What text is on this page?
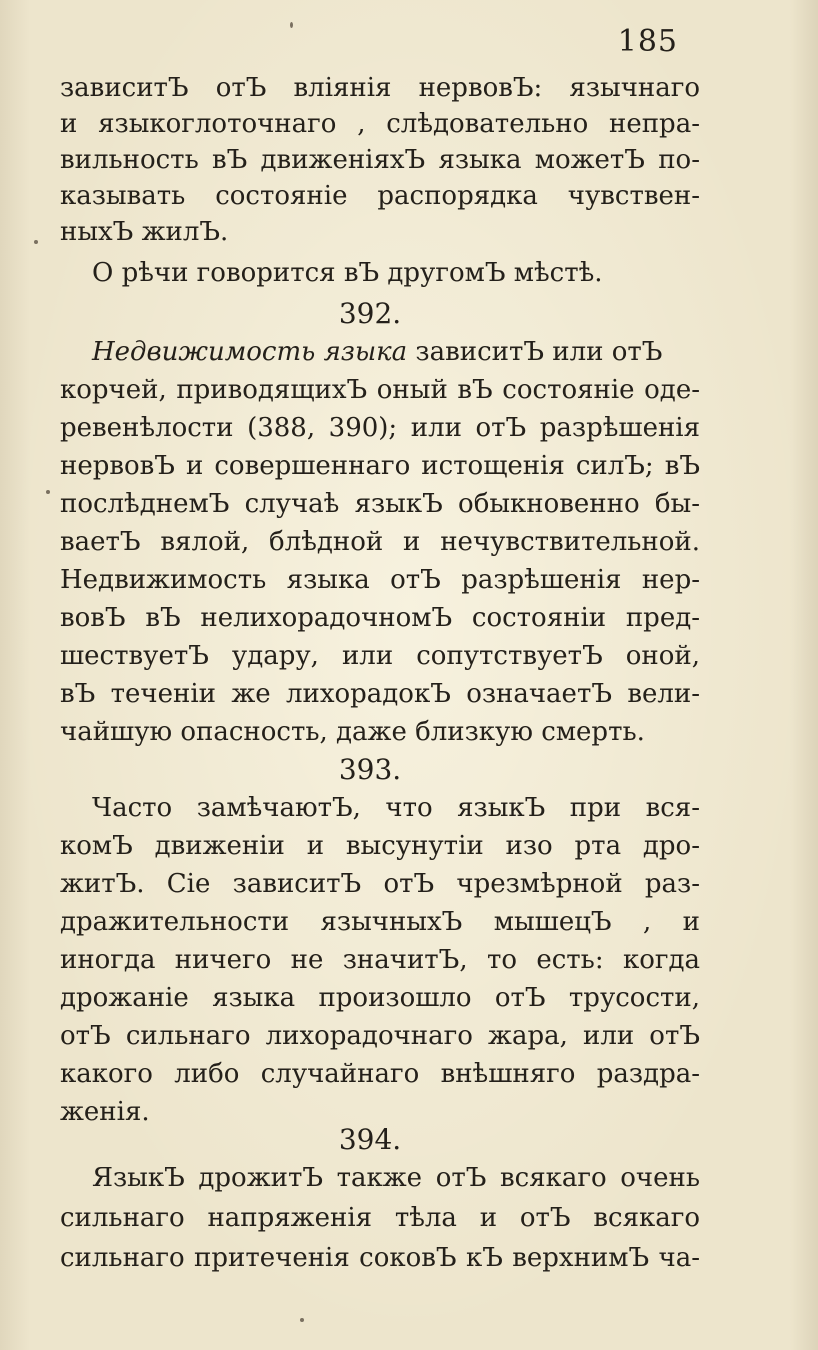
185
зависитЪ отЪ вліянія нервовЪ: язычнаго
и языкоглоточнаго , слѣдовательно непра-
вильность вЪ движеніяхЪ языка можетЪ по-
казывать состояніе распорядка чувствен-
ныхЪ жилЪ.
О рѣчи говорится вЪ другомЪ мѣстѣ.
392.
Недвижимость языка зависитЪ или отЪ
корчей, приводящихЪ оный вЪ состояніе оде-
ревенѣлости (388, 390); или отЪ разрѣшенія
нервовЪ и совершеннаго истощенія силЪ; вЪ
послѣднемЪ случаѣ языкЪ обыкновенно бы-
ваетЪ вялой, блѣдной и нечувствительной.
Недвижимость языка отЪ разрѣшенія нер-
вовЪ вЪ нелихорадочномЪ состояніи пред-
шествуетЪ удару, или сопутствуетЪ оной,
вЪ теченіи же лихорадокЪ означаетЪ вели-
чайшую опасность, даже близкую смерть.
393.
Часто замѣчаютЪ, что языкЪ при вся-
комЪ движеніи и высунутіи изо рта дро-
житЪ. Сіе зависитЪ отЪ чрезмѣрной раз-
дражительности язычныхЪ мышецЪ , и
иногда ничего не значитЪ, то есть: когда
дрожаніе языка произошло отЪ трусости,
отЪ сильнаго лихорадочнаго жара, или отЪ
какого либо случайнаго внѣшняго раздра-
женія.
394.
ЯзыкЪ дрожитЪ также отЪ всякаго очень
сильнаго напряженія тѣла и отЪ всякаго
сильнаго притеченія соковЪ кЪ верхнимЪ ча-
